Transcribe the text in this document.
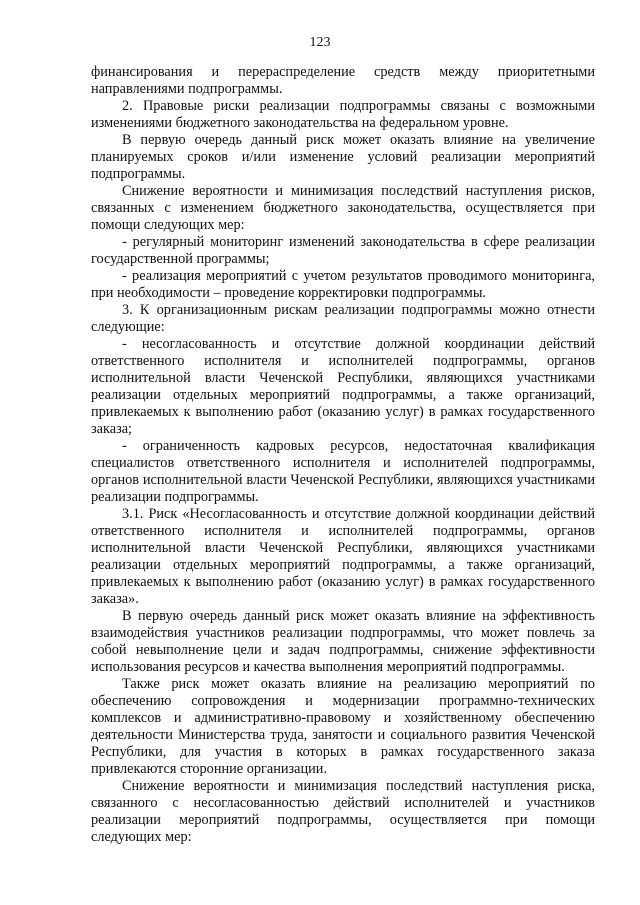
123

финансирования и перераспределение средств между приоритетными направлениями подпрограммы.

2. Правовые риски реализации подпрограммы связаны с возможными изменениями бюджетного законодательства на федеральном уровне.

В первую очередь данный риск может оказать влияние на увеличение планируемых сроков и/или изменение условий реализации мероприятий подпрограммы.

Снижение вероятности и минимизация последствий наступления рисков, связанных с изменением бюджетного законодательства, осуществляется при помощи следующих мер:

- регулярный мониторинг изменений законодательства в сфере реализации государственной программы;

- реализация мероприятий с учетом результатов проводимого мониторинга, при необходимости – проведение корректировки подпрограммы.

3. К организационным рискам реализации подпрограммы можно отнести следующие:

- несогласованность и отсутствие должной координации действий ответственного исполнителя и исполнителей подпрограммы, органов исполнительной власти Чеченской Республики, являющихся участниками реализации отдельных мероприятий подпрограммы, а также организаций, привлекаемых к выполнению работ (оказанию услуг) в рамках государственного заказа;

- ограниченность кадровых ресурсов, недостаточная квалификация специалистов ответственного исполнителя и исполнителей подпрограммы, органов исполнительной власти Чеченской Республики, являющихся участниками реализации подпрограммы.

3.1. Риск «Несогласованность и отсутствие должной координации действий ответственного исполнителя и исполнителей подпрограммы, органов исполнительной власти Чеченской Республики, являющихся участниками реализации отдельных мероприятий подпрограммы, а также организаций, привлекаемых к выполнению работ (оказанию услуг) в рамках государственного заказа».

В первую очередь данный риск может оказать влияние на эффективность взаимодействия участников реализации подпрограммы, что может повлечь за собой невыполнение цели и задач подпрограммы, снижение эффективности использования ресурсов и качества выполнения мероприятий подпрограммы.

Также риск может оказать влияние на реализацию мероприятий по обеспечению сопровождения и модернизации программно-технических комплексов и административно-правовому и хозяйственному обеспечению деятельности Министерства труда, занятости и социального развития Чеченской Республики, для участия в которых в рамках государственного заказа привлекаются сторонние организации.

Снижение вероятности и минимизация последствий наступления риска, связанного с несогласованностью действий исполнителей и участников реализации мероприятий подпрограммы, осуществляется при помощи следующих мер:
